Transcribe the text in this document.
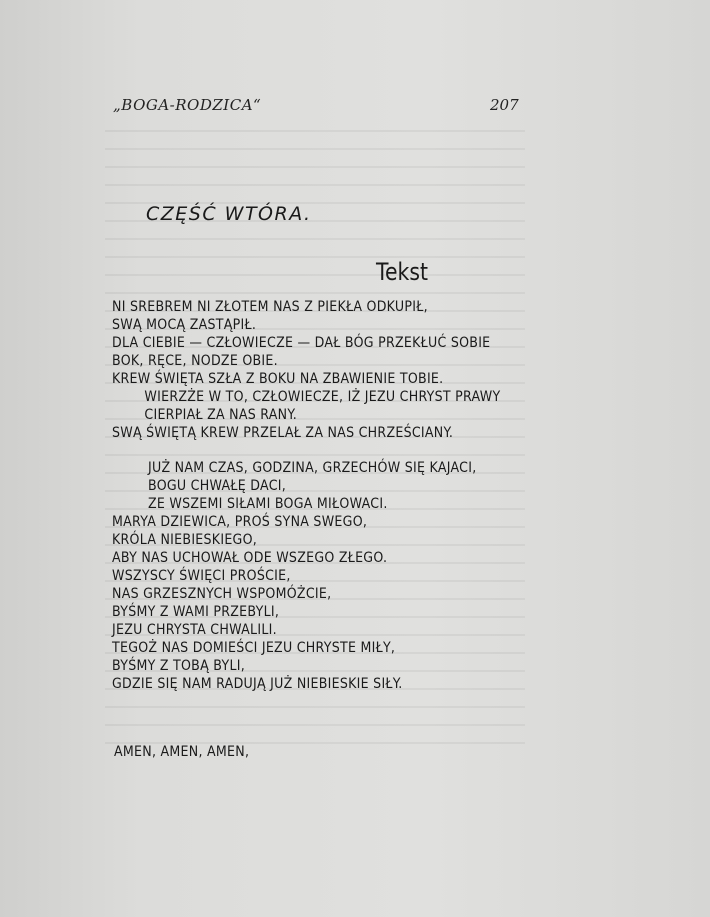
„BOGA-RODZICA“	207
CZĘŚĆ WTÓRA.
Tekst
NI SREBREM NI ZŁOTEM NAS Z PIEKŁA ODKUPIŁ,
SWĄ MOCĄ ZASTĄPIŁ.
DLA CIEBIE — CZŁOWIECZE — DAŁ BÓG PRZEKŁUĆ SOBIE
BOK, RĘCE, NODZE OBIE.
KREW ŚWIĘTA SZŁA Z BOKU NA ZBAWIENIE TOBIE.
WIERZŻE W TO, CZŁOWIECZE, IŻ JEZU CHRYST PRAWY
CIERPIAŁ ZA NAS RANY.
SWĄ ŚWIĘTĄ KREW PRZELAŁ ZA NAS CHRZEŚCIANY.
JUŻ NAM CZAS, GODZINA, GRZECHÓW SIĘ KAJACI,
BOGU CHWAŁĘ DACI,
ZE WSZEMI SIŁAMI BOGA MIŁOWACI.
MARYA DZIEWICA, PROŚ SYNA SWEGO,
KRÓLA NIEBIESKIEGO,
ABY NAS UCHOWAŁ ODE WSZEGO ZŁEGO.
WSZYSCY ŚWIĘCI PROŚCIE,
NAS GRZESZNYCH WSPOMÓŻCIE,
BYŚMY Z WAMI PRZEBYLI,
JEZU CHRYSTA CHWALILI.
TEGOŻ NAS DOMIEŚCI JEZU CHRYSTE MIŁY,
BYŚMY Z TOBĄ BYLI,
GDZIE SIĘ NAM RADUJĄ JUŻ NIEBIESKIE SIŁY.
AMEN, AMEN, AMEN,
